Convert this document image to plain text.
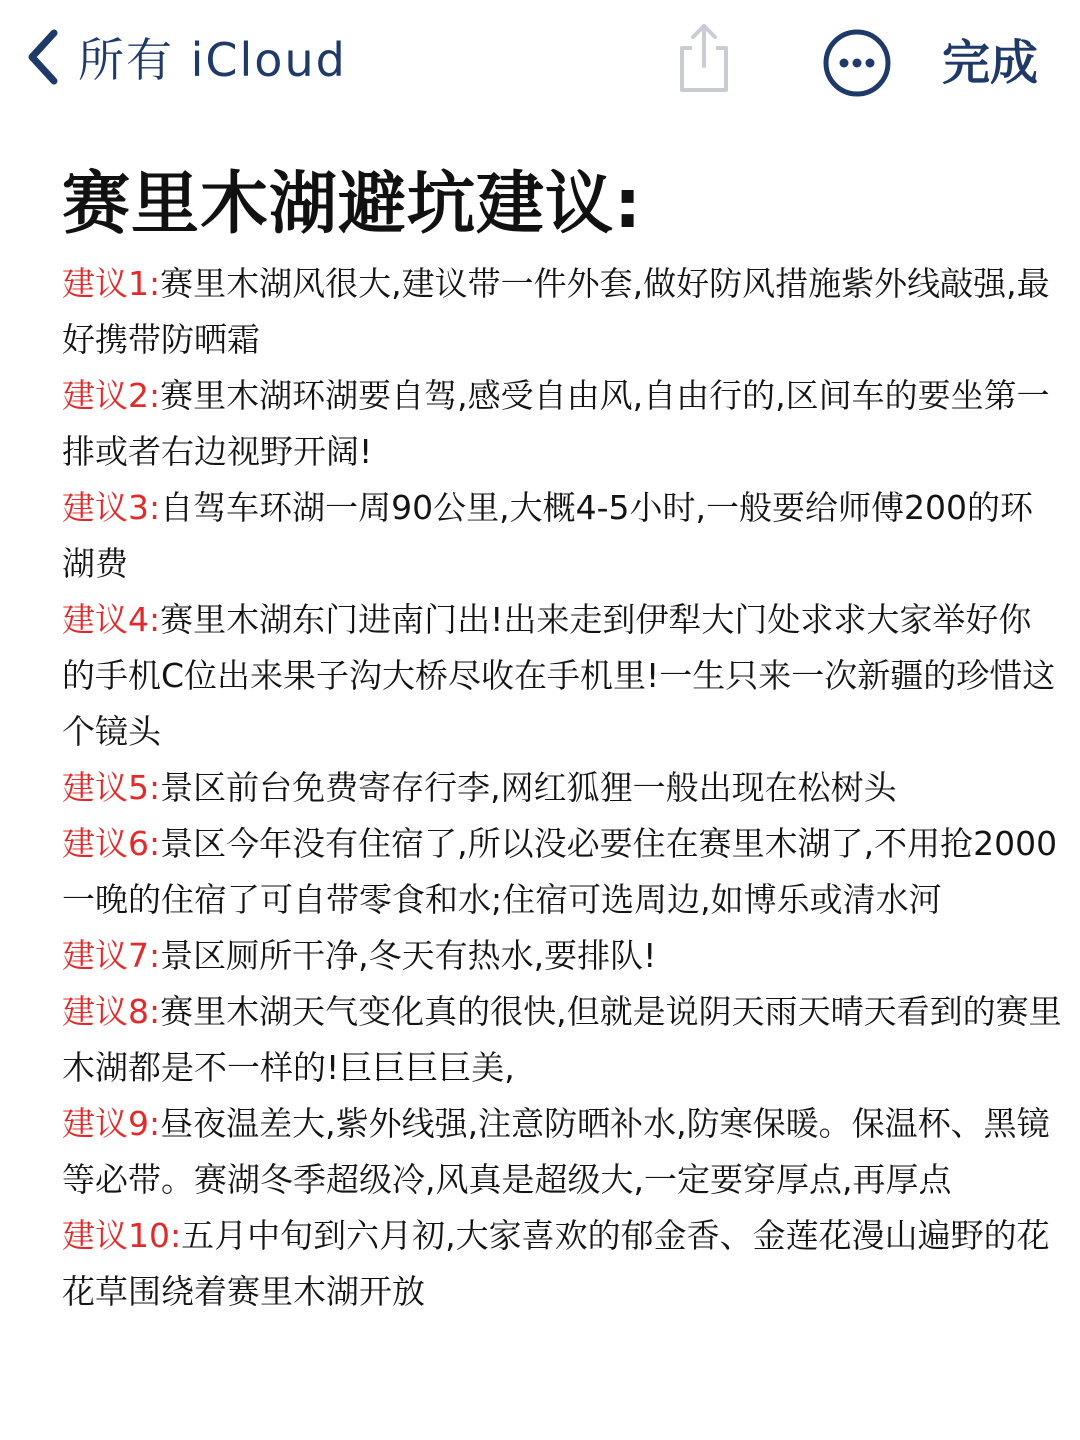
所有 iCloud	完成
赛里木湖避坑建议:

建议1:赛里木湖风很大,建议带一件外套,做好防风措施紫外线敲强,最好携带防晒霜

建议2:赛里木湖环湖要自驾,感受自由风,自由行的,区间车的要坐第一排或者右边视野开阔!

建议3:自驾车环湖一周90公里,大概4-5小时,一般要给师傅200的环湖费

建议4:赛里木湖东门进南门出!出来走到伊犁大门处求求大家举好你的手机C位出来果子沟大桥尽收在手机里!一生只来一次新疆的珍惜这个镜头

建议5:景区前台免费寄存行李,网红狐狸一般出现在松树头

建议6:景区今年没有住宿了,所以没必要住在赛里木湖了,不用抢2000一晚的住宿了可自带零食和水;住宿可选周边,如博乐或清水河

建议7:景区厕所干净,冬天有热水,要排队!

建议8:赛里木湖天气变化真的很快,但就是说阴天雨天晴天看到的赛里木湖都是不一样的!巨巨巨巨美,

建议9:昼夜温差大,紫外线强,注意防晒补水,防寒保暖。保温杯、黑镜等必带。赛湖冬季超级冷,风真是超级大,一定要穿厚点,再厚点

建议10:五月中旬到六月初,大家喜欢的郁金香、金莲花漫山遍野的花花草围绕着赛里木湖开放
